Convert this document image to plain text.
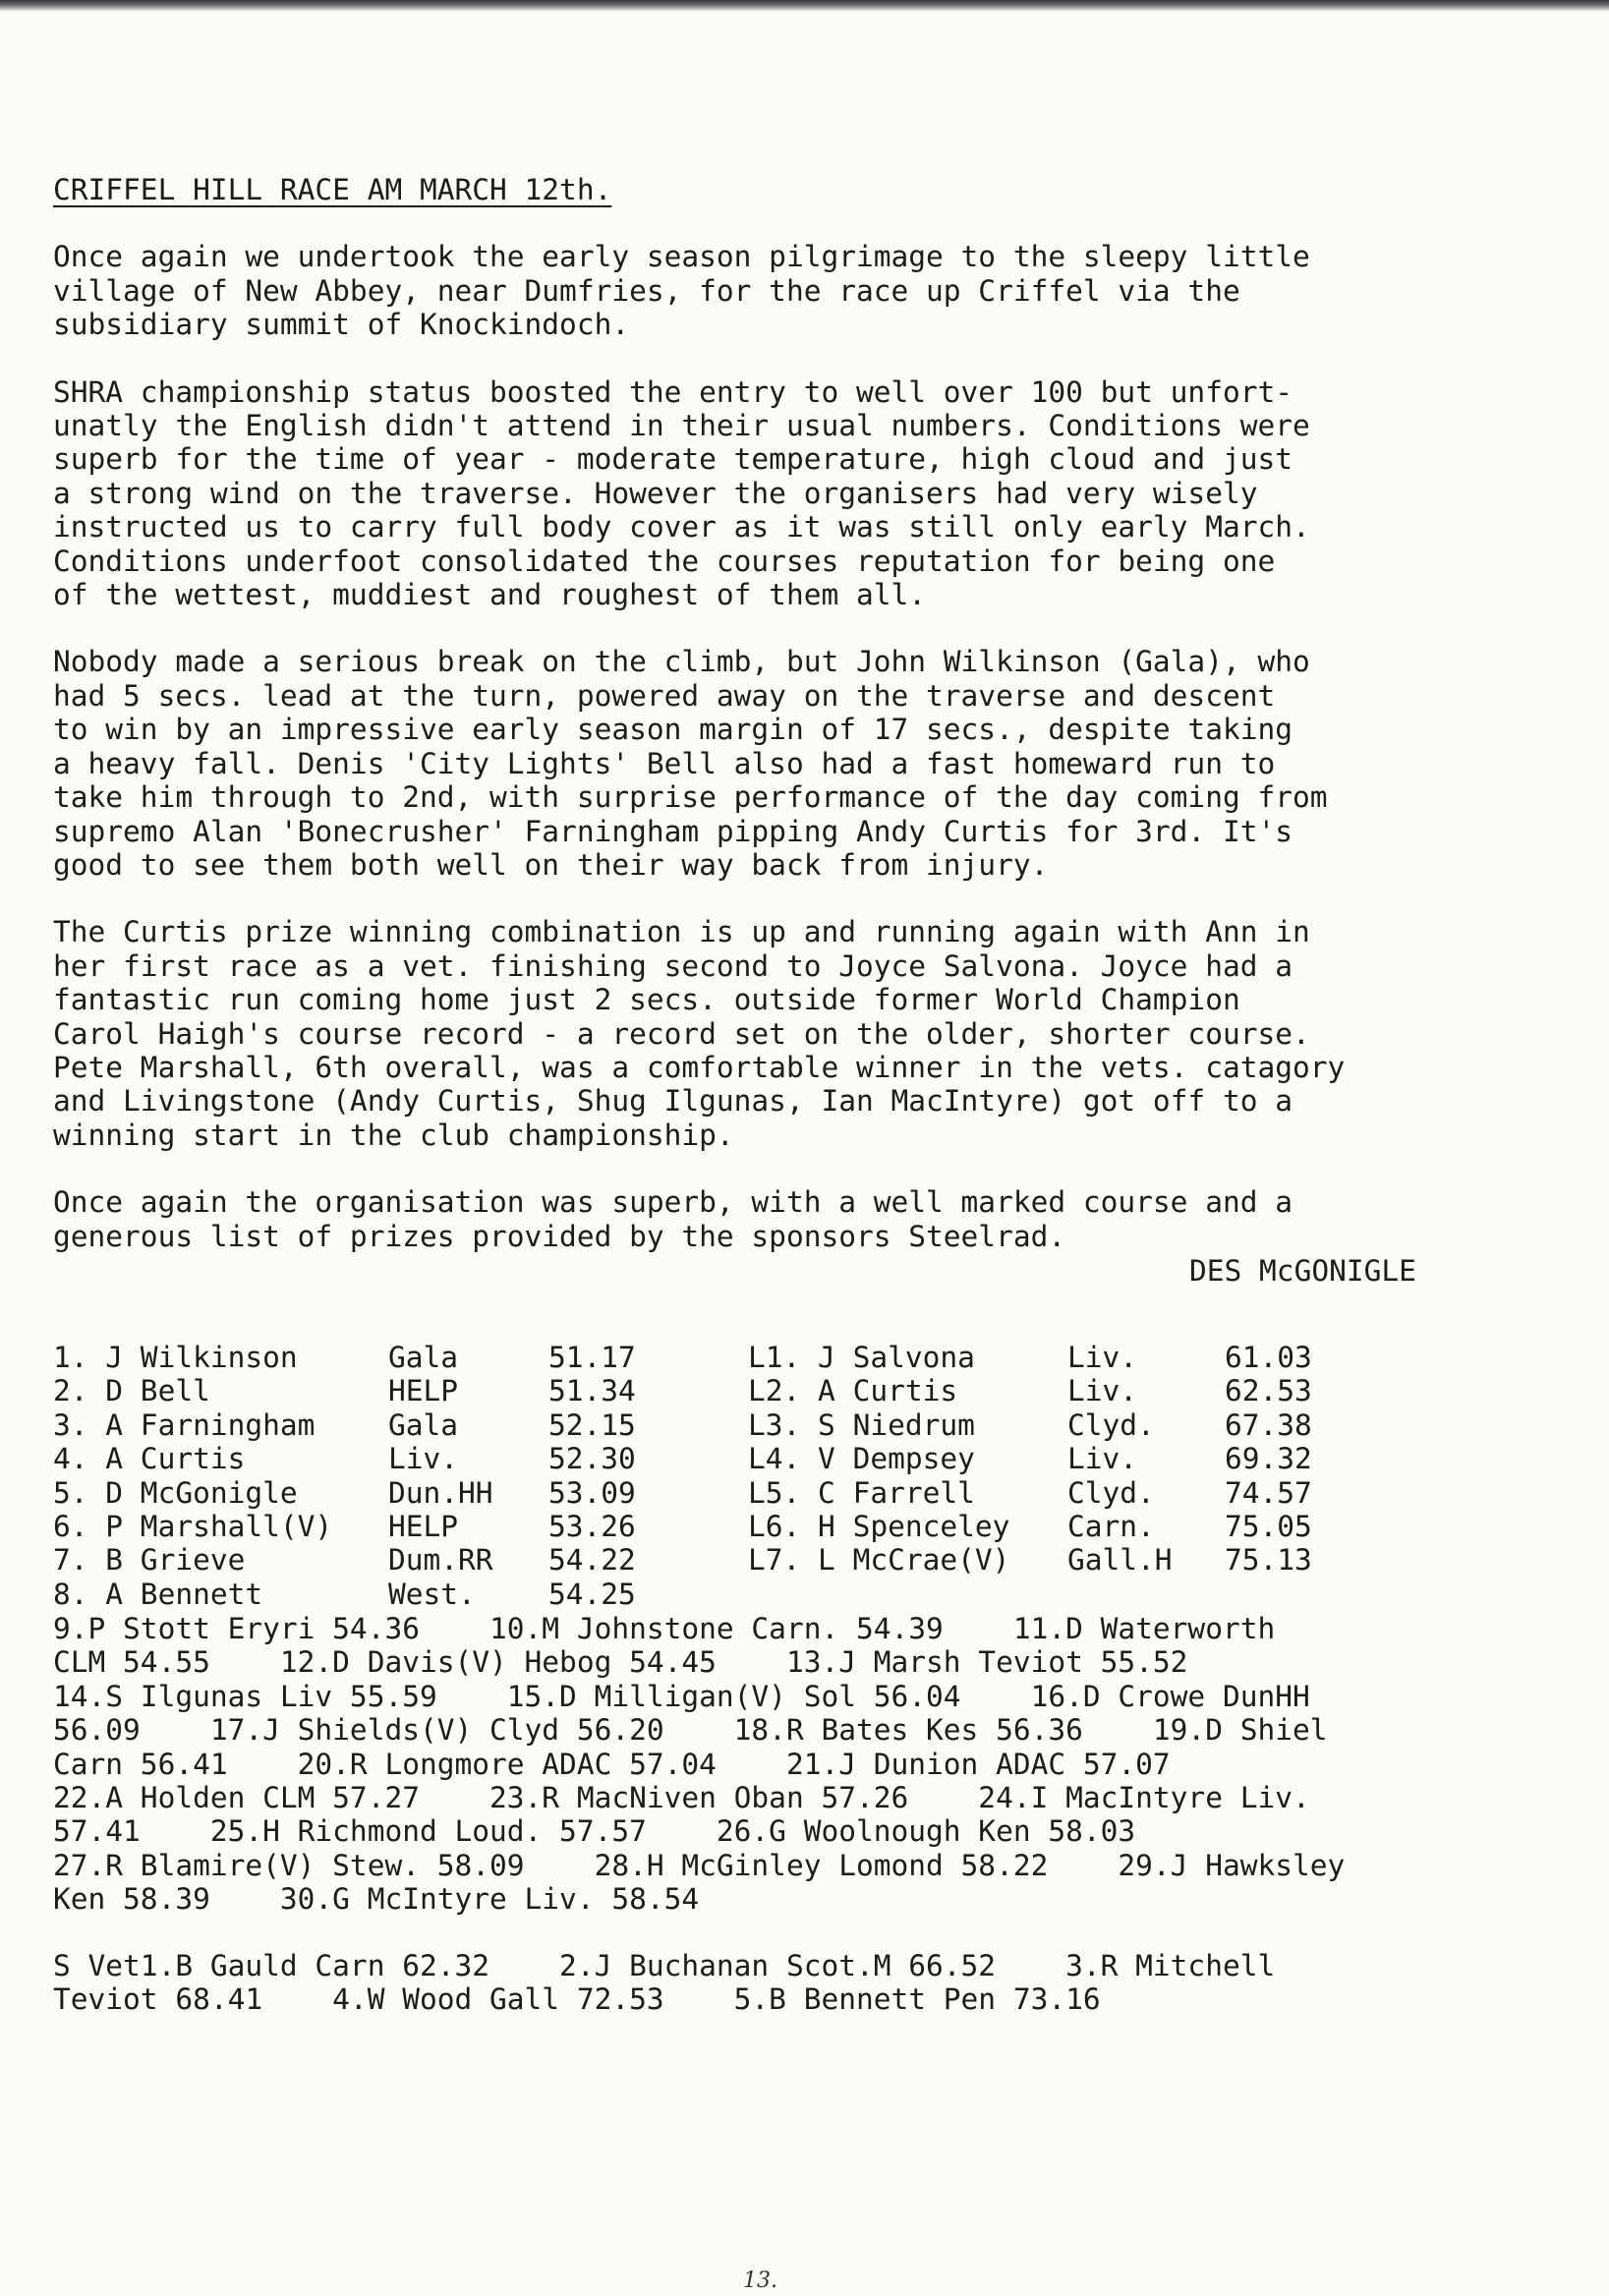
CRIFFEL HILL RACE AM MARCH 12th.
Once again we undertook the early season pilgrimage to the sleepy little
village of New Abbey, near Dumfries, for the race up Criffel via the
subsidiary summit of Knockindoch.
SHRA championship status boosted the entry to well over 100 but unfort-
unatly the English didn't attend in their usual numbers. Conditions were
superb for the time of year - moderate temperature, high cloud and just
a strong wind on the traverse. However the organisers had very wisely
instructed us to carry full body cover as it was still only early March.
Conditions underfoot consolidated the courses reputation for being one
of the wettest, muddiest and roughest of them all.
Nobody made a serious break on the climb, but John Wilkinson (Gala), who
had 5 secs. lead at the turn, powered away on the traverse and descent
to win by an impressive early season margin of 17 secs., despite taking
a heavy fall. Denis 'City Lights' Bell also had a fast homeward run to
take him through to 2nd, with surprise performance of the day coming from
supremo Alan 'Bonecrusher' Farningham pipping Andy Curtis for 3rd. It's
good to see them both well on their way back from injury.
The Curtis prize winning combination is up and running again with Ann in
her first race as a vet. finishing second to Joyce Salvona. Joyce had a
fantastic run coming home just 2 secs. outside former World Champion
Carol Haigh's course record - a record set on the older, shorter course.
Pete Marshall, 6th overall, was a comfortable winner in the vets. catagory
and Livingstone (Andy Curtis, Shug Ilgunas, Ian MacIntyre) got off to a
winning start in the club championship.
Once again the organisation was superb, with a well marked course and a
generous list of prizes provided by the sponsors Steelrad.
DES McGONIGLE
1. J Wilkinson	Gala	51.17	L1. J Salvona	Liv.	61.03
2. D Bell	HELP	51.34	L2. A Curtis	Liv.	62.53
3. A Farningham	Gala	52.15	L3. S Niedrum	Clyd. 67.38
4. A Curtis	Liv.	52.30	L4. V Dempsey	Liv.	69.32
5. D McGonigle	Dun.HH 53.09	L5. C Farrell	Clyd. 74.57
6. P Marshall(V) HELP	53.26	L6. H Spenceley Carn. 75.05
7. B Grieve	Dum.RR 54.22	L7. L McCrae(V) Gall.H 75.13
8. A Bennett	West.	54.25
9.P Stott Eryri 54.36    10.M Johnstone Carn. 54.39    11.D Waterworth
CLM 54.55    12.D Davis(V) Hebog 54.45    13.J Marsh Teviot 55.52
14.S Ilgunas Liv 55.59    15.D Milligan(V) Sol 56.04    16.D Crowe DunHH
56.09    17.J Shields(V) Clyd 56.20    18.R Bates Kes 56.36    19.D Shiel
Carn 56.41    20.R Longmore ADAC 57.04    21.J Dunion ADAC 57.07
22.A Holden CLM 57.27    23.R MacNiven Oban 57.26    24.I MacIntyre Liv.
57.41    25.H Richmond Loud. 57.57    26.G Woolnough Ken 58.03
27.R Blamire(V) Stew. 58.09    28.H McGinley Lomond 58.22    29.J Hawksley
Ken 58.39    30.G McIntyre Liv. 58.54
S Vet1.B Gauld Carn 62.32    2.J Buchanan Scot.M 66.52    3.R Mitchell
Teviot 68.41    4.W Wood Gall 72.53    5.B Bennett Pen 73.16
13.
